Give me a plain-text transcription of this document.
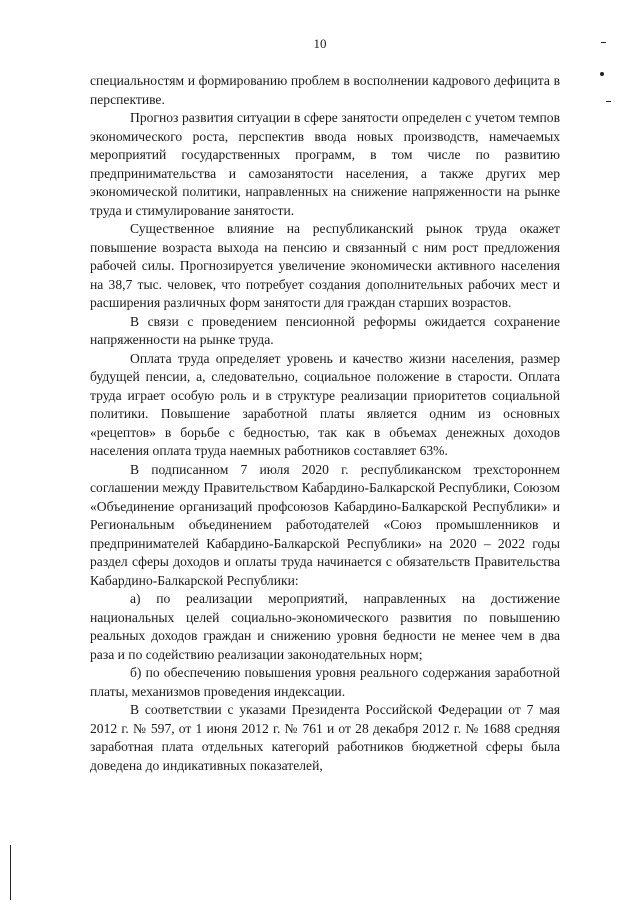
10

специальностям и формированию проблем в восполнении кадрового дефицита в перспективе.

Прогноз развития ситуации в сфере занятости определен с учетом темпов экономического роста, перспектив ввода новых производств, намечаемых мероприятий государственных программ, в том числе по развитию предпринимательства и самозанятости населения, а также других мер экономической политики, направленных на снижение напряженности на рынке труда и стимулирование занятости.

Существенное влияние на республиканский рынок труда окажет повышение возраста выхода на пенсию и связанный с ним рост предложения рабочей силы. Прогнозируется увеличение экономически активного населения на 38,7 тыс. человек, что потребует создания дополнительных рабочих мест и расширения различных форм занятости для граждан старших возрастов.

В связи с проведением пенсионной реформы ожидается сохранение напряженности на рынке труда.

Оплата труда определяет уровень и качество жизни населения, размер будущей пенсии, а, следовательно, социальное положение в старости. Оплата труда играет особую роль и в структуре реализации приоритетов социальной политики. Повышение заработной платы является одним из основных «рецептов» в борьбе с бедностью, так как в объемах денежных доходов населения оплата труда наемных работников составляет 63%.

В подписанном 7 июля 2020 г. республиканском трехстороннем соглашении между Правительством Кабардино-Балкарской Республики, Союзом «Объединение организаций профсоюзов Кабардино-Балкарской Республики» и Региональным объединением работодателей «Союз промышленников и предпринимателей Кабардино-Балкарской Республики» на 2020 – 2022 годы раздел сферы доходов и оплаты труда начинается с обязательств Правительства Кабардино-Балкарской Республики:

а) по реализации мероприятий, направленных на достижение национальных целей социально-экономического развития по повышению реальных доходов граждан и снижению уровня бедности не менее чем в два раза и по содействию реализации законодательных норм;

б) по обеспечению повышения уровня реального содержания заработной платы, механизмов проведения индексации.

В соответствии с указами Президента Российской Федерации от 7 мая 2012 г. № 597, от 1 июня 2012 г. № 761 и от 28 декабря 2012 г. № 1688 средняя заработная плата отдельных категорий работников бюджетной сферы была доведена до индикативных показателей,
